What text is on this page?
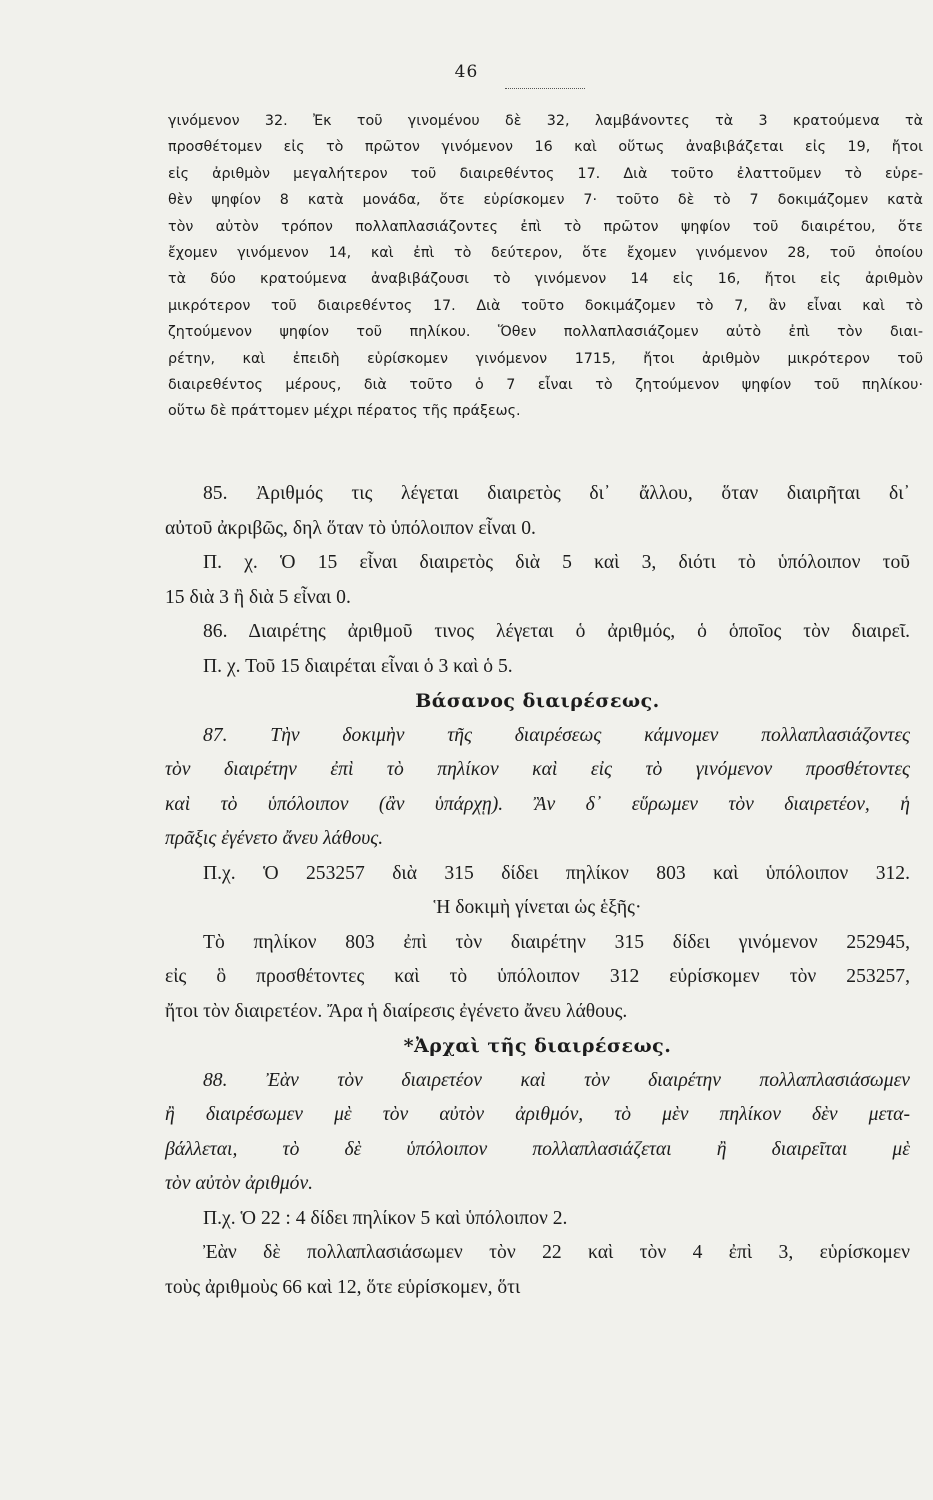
46
γινόμενον 32. Ἐκ τοῦ γινομένου δὲ 32, λαμβάνοντες τὰ 3 κρατούμενα τὰ
προσθέτομεν εἰς τὸ πρῶτον γινόμενον 16 καὶ οὕτως ἀναβιβάζεται εἰς 19, ἤτοι
εἰς ἀριθμὸν μεγαλήτερον τοῦ διαιρεθέντος 17. Διὰ τοῦτο ἐλαττοῦμεν τὸ εὑρε-
θὲν ψηφίον 8 κατὰ μονάδα, ὅτε εὑρίσκομεν 7· τοῦτο δὲ τὸ 7 δοκιμάζομεν κατὰ
τὸν αὐτὸν τρόπον πολλαπλασιάζοντες ἐπὶ τὸ πρῶτον ψηφίον τοῦ διαιρέτου, ὅτε
ἔχομεν γινόμενον 14, καὶ ἐπὶ τὸ δεύτερον, ὅτε ἔχομεν γινόμενον 28, τοῦ ὁποίου
τὰ δύο κρατούμενα ἀναβιβάζουσι τὸ γινόμενον 14 εἰς 16, ἤτοι εἰς ἀριθμὸν
μικρότερον τοῦ διαιρεθέντος 17. Διὰ τοῦτο δοκιμάζομεν τὸ 7, ἂν εἶναι καὶ τὸ
ζητούμενον ψηφίον τοῦ πηλίκου. Ὅθεν πολλαπλασιάζομεν αὐτὸ ἐπὶ τὸν διαι-
ρέτην, καὶ ἐπειδὴ εὑρίσκομεν γινόμενον 1715, ἤτοι ἀριθμὸν μικρότερον τοῦ
διαιρεθέντος μέρους, διὰ τοῦτο ὁ 7 εἶναι τὸ ζητούμενον ψηφίον τοῦ πηλίκου·
οὕτω δὲ πράττομεν μέχρι πέρατος τῆς πράξεως.
85. Ἀριθμός τις λέγεται διαιρετὸς δι᾽ ἄλλου, ὅταν διαιρῆται δι᾽
αὐτοῦ ἀκριβῶς, δηλ ὅταν τὸ ὑπόλοιπον εἶναι 0.
Π. χ. Ὁ 15 εἶναι διαιρετὸς διὰ 5 καὶ 3, διότι τὸ ὑπόλοιπον τοῦ
15 διὰ 3 ἢ διὰ 5 εἶναι 0.
86. Διαιρέτης ἀριθμοῦ τινος λέγεται ὁ ἀριθμός, ὁ ὁποῖος τὸν διαιρεῖ.
Π. χ. Τοῦ 15 διαιρέται εἶναι ὁ 3 καὶ ὁ 5.
Βάσανος διαιρέσεως.
87. Τὴν δοκιμὴν τῆς διαιρέσεως κάμνομεν πολλαπλασιάζοντες
τὸν διαιρέτην ἐπὶ τὸ πηλίκον καὶ εἰς τὸ γινόμενον προσθέτοντες
καὶ τὸ ὑπόλοιπον (ἂν ὑπάρχῃ). Ἂν δ᾽ εὕρωμεν τὸν διαιρετέον, ἡ
πρᾶξις ἐγένετο ἄνευ λάθους.
Π.χ. Ὁ 253257 διὰ 315 δίδει πηλίκον 803 καὶ ὑπόλοιπον 312.
Ἡ δοκιμὴ γίνεται ὡς ἑξῆς·
Τὸ πηλίκον 803 ἐπὶ τὸν διαιρέτην 315 δίδει γινόμενον 252945,
εἰς ὃ προσθέτοντες καὶ τὸ ὑπόλοιπον 312 εὑρίσκομεν τὸν 253257,
ἤτοι τὸν διαιρετέον. Ἄρα ἡ διαίρεσις ἐγένετο ἄνευ λάθους.
*Ἀρχαὶ τῆς διαιρέσεως.
88. Ἐὰν τὸν διαιρετέον καὶ τὸν διαιρέτην πολλαπλασιάσωμεν
ἢ διαιρέσωμεν μὲ τὸν αὐτὸν ἀριθμόν, τὸ μὲν πηλίκον δὲν μετα-
βάλλεται, τὸ δὲ ὑπόλοιπον πολλαπλασιάζεται ἢ διαιρεῖται μὲ
τὸν αὐτὸν ἀριθμόν.
Π.χ. Ὁ 22 : 4 δίδει πηλίκον 5 καὶ ὑπόλοιπον 2.
Ἐὰν δὲ πολλαπλασιάσωμεν τὸν 22 καὶ τὸν 4 ἐπὶ 3, εὑρίσκομεν
τοὺς ἀριθμοὺς 66 καὶ 12, ὅτε εὑρίσκομεν, ὅτι
